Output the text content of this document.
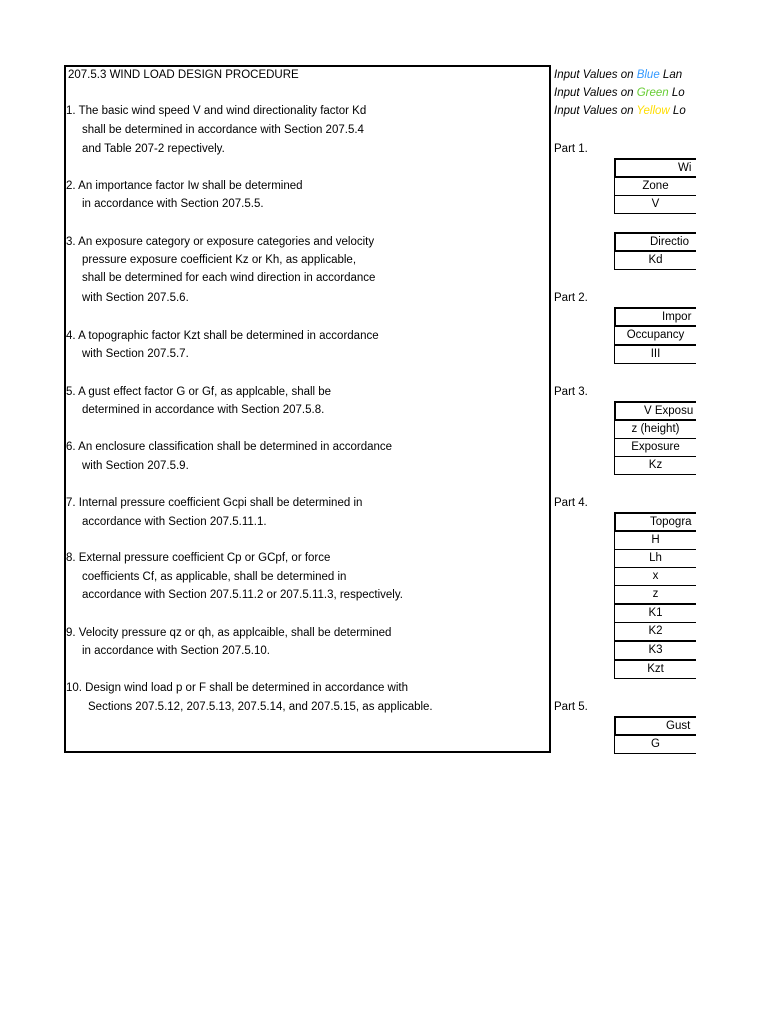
207.5.3 WIND LOAD DESIGN PROCEDURE
1. The basic wind speed V and wind directionality factor Kd
shall be determined in accordance with Section 207.5.4
and Table 207-2 repectively.
2. An importance factor Iw shall be determined
in accordance with Section 207.5.5.
3. An exposure category or exposure categories and velocity
pressure exposure coefficient Kz or Kh, as applicable,
shall be determined for each wind direction in accordance
with Section 207.5.6.
4. A topographic factor Kzt shall be determined in accordance
with Section 207.5.7.
5. A gust effect factor G or Gf, as applcable, shall be
determined in accordance with Section 207.5.8.
6. An enclosure classification shall be determined in accordance
with Section 207.5.9.
7. Internal pressure coefficient Gcpi shall be determined in
accordance with Section 207.5.11.1.
8. External pressure coefficient Cp or GCpf, or force
coefficients Cf, as applicable, shall be determined in
accordance with Section 207.5.11.2 or 207.5.11.3, respectively.
9. Velocity pressure qz or qh, as applcaible, shall be determined
in accordance with Section 207.5.10.
10. Design wind load p or F shall be determined in accordance with
Sections 207.5.12, 207.5.13, 207.5.14, and 207.5.15, as applicable.
Input Values on Blue Lan
Input Values on Green Lo
Input Values on Yellow Lo
Part 1.
Part 2.
Part 3.
Part 4.
Part 5.
Wi
Zone
V
Directio
Kd
Impor
Occupancy
III
V Exposu
z (height)
Exposure
Kz
Topogra
H
Lh
x
z
K1
K2
K3
Kzt
Gust
G
